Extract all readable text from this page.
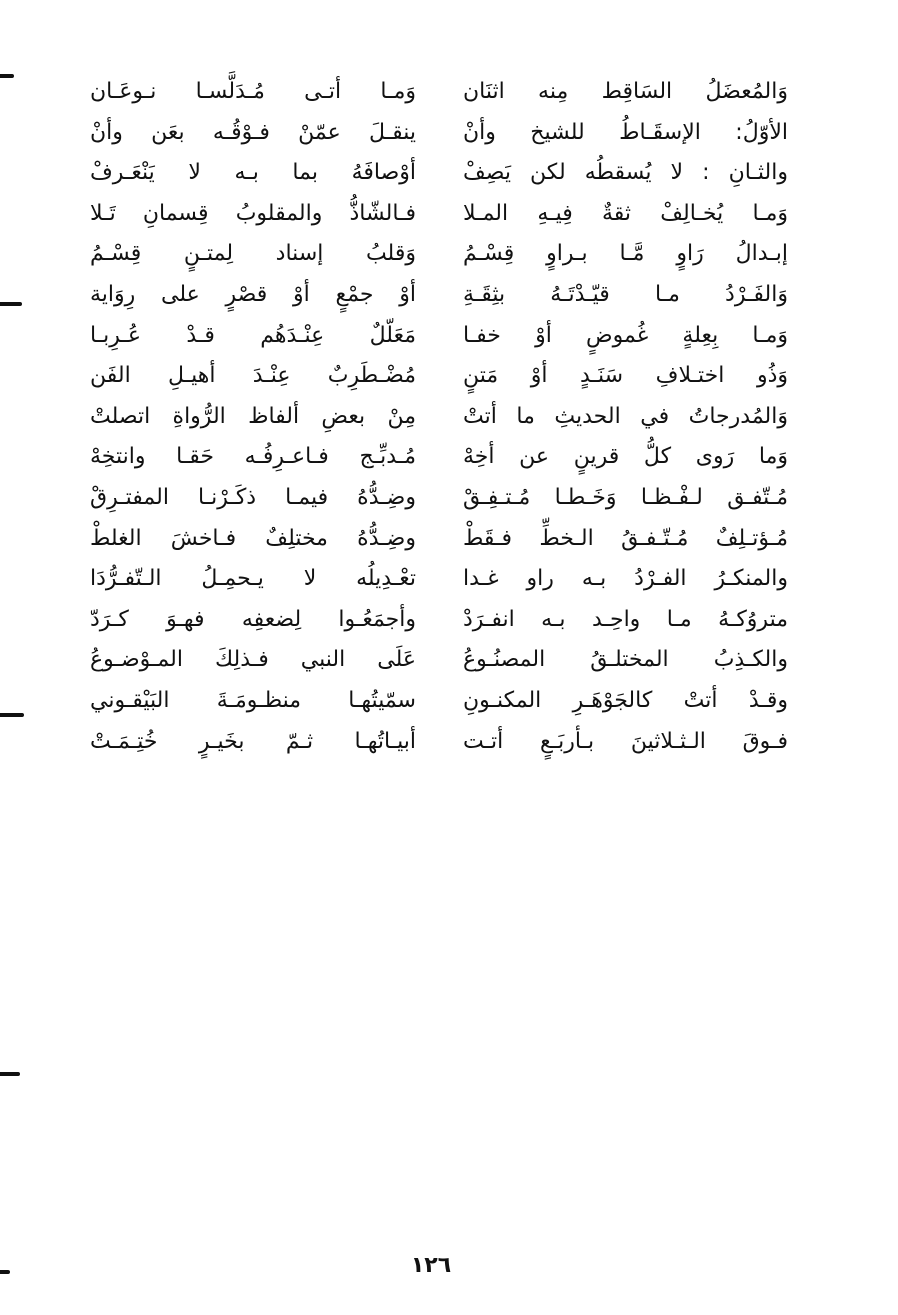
وَالمُعضَلُ السَاقِط مِنه اثنَان
وَمـا أتـى مُـدَلَّسـا نـوعَـان
الأوّلُ: الإسقَـاطُ للشيخ وأنْ
ينقـلَ عمّنْ فـوْقُـه بعَن وأنْ
والثـانِ : لا يُسقطُه لكن يَصِفْ
أوْصافَهُ بما بـه لا يَنْعَـرفْ
وَمـا يُخـالِفْ ثقةٌ فِيـهِ المـلا
فـالشّاذُّ والمقلوبُ قِسمانِ تَـلا
إبـدالُ رَاوٍ مَّـا بـراوٍ قِسْـمُ
وَقلبُ إسناد لِمتـنٍ قِسْـمُ
وَالفَـرْدُ مـا قيّـدْتَـهُ بثِقَـةِ
أوْ جمْعٍ أوْ قصْرٍ على رِوَاية
وَمـا بِعِلةٍ غُموضٍ أوْ خفـا
مَعَلّلٌ عِنْـدَهُم قـدْ عُـرِبـا
وَذُو اختـلافِ سَنَـدٍ أوْ مَتنٍ
مُضْـطَرِبٌ عِنْـدَ أهيـلِ الفَن
وَالمُدرجاتُ في الحديثِ ما أتتْ
مِنْ بعضِ ألفاظ الرُّواةِ اتصلتْ
وَما رَوى كلُّ قرينٍ عن أخِهْ
مُـدبِّـج فـاعـرِفُـه حَقـا وانتخِهْ
مُـتّفـق لـفْـظـا وَخَـطـا مُـتـفِـقْ
وضِـدُّهُ فيمـا ذكَـرْنـا المفتـرِقْ
مُـؤتـلِفٌ مُـتّـفـقُ الـخطِّ فـقَطْ
وضِـدُّهُ مختلِفٌ فـاخشَ الغلطْ
والمنكـرُ الفـرْدُ بـه راو غـدا
تعْـدِيلُه لا يـحمِـلُ الـتّفـرُّدَا
متروُكـهُ مـا واحِـد بـه انفـرَدْ
وأجمَعُـوا لِضعفِه فهـوَ كـرَدّ
والكـذِبُ المختلـقُ المصنُـوعُ
عَلَى النبي فـذلِكَ المـوْضـوعُ
وقـدْ أتتْ كالجَوْهَـرِ المكنـونِ
سمّيتُهـا منظـومَـةَ البَيْقـوني
فـوقَ الـثـلاثينَ بـأربَـعٍ أتـت
أبيـاتُهـا ثـمّ بخَيـرٍ خُتِـمَـتْ
١٢٦
